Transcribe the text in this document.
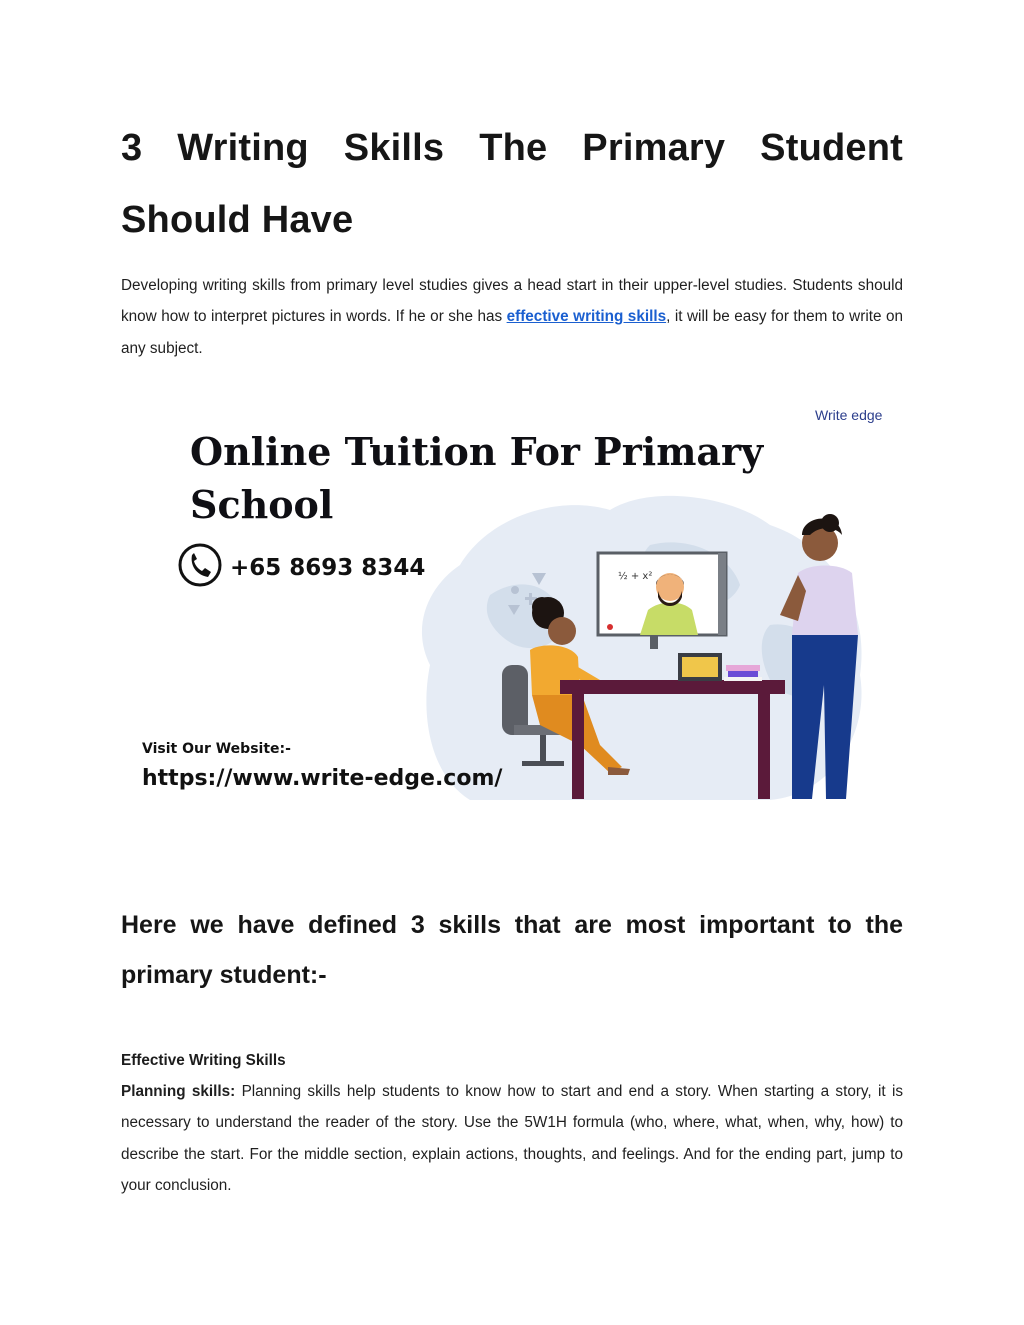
3 Writing Skills The Primary Student
Should Have

Developing writing skills from primary level studies gives a head start in their upper-level studies. Students should know how to interpret pictures in words. If he or she has effective writing skills, it will be easy for them to write on any subject.

Write edge
Online Tuition For Primary
School
+65 8693 8344
Visit Our Website:-
https://www.write-edge.com/
½ + x²
Here we have defined 3 skills that are most important to the
primary student:-
Effective Writing Skills

Planning skills: Planning skills help students to know how to start and end a story. When starting a story, it is necessary to understand the reader of the story. Use the 5W1H formula (who, where, what, when, why, how) to describe the start. For the middle section, explain actions, thoughts, and feelings. And for the ending part, jump to your conclusion.
